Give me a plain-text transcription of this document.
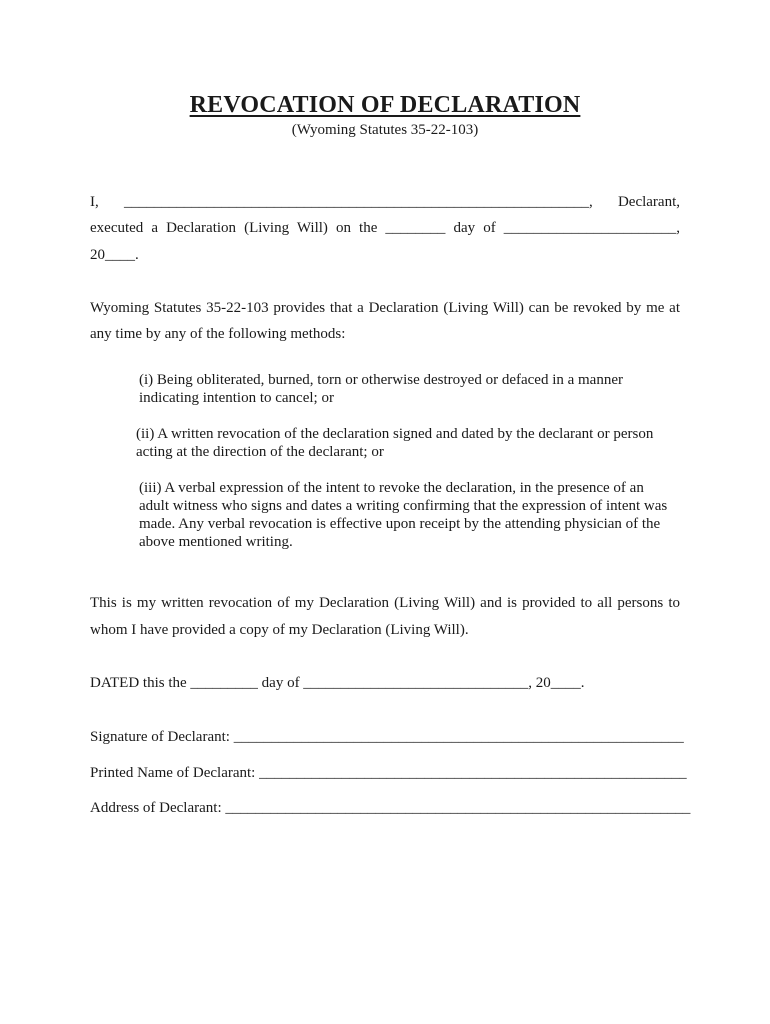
REVOCATION OF DECLARATION
(Wyoming Statutes 35-22-103)
I, ______________________________________________________________, Declarant,
executed a Declaration (Living Will) on the ________ day of _______________________,
20____.
Wyoming Statutes 35-22-103 provides that a Declaration (Living Will) can be revoked by me at
any time by any of the following methods:
(i) Being obliterated, burned, torn or otherwise destroyed or defaced in a manner indicating intention to cancel; or
(ii) A written revocation of the declaration signed and dated by the declarant or person acting at the direction of the declarant; or
(iii) A verbal expression of the intent to revoke the declaration, in the presence of an adult witness who signs and dates a writing confirming that the expression of intent was made. Any verbal revocation is effective upon receipt by the attending physician of the above mentioned writing.
This is my written revocation of my Declaration (Living Will) and is provided to all persons to
whom I have provided a copy of my Declaration (Living Will).
DATED this the _________ day of ______________________________, 20____.
Signature of Declarant: ____________________________________________________________
Printed Name of Declarant: _________________________________________________________
Address of Declarant: ______________________________________________________________
